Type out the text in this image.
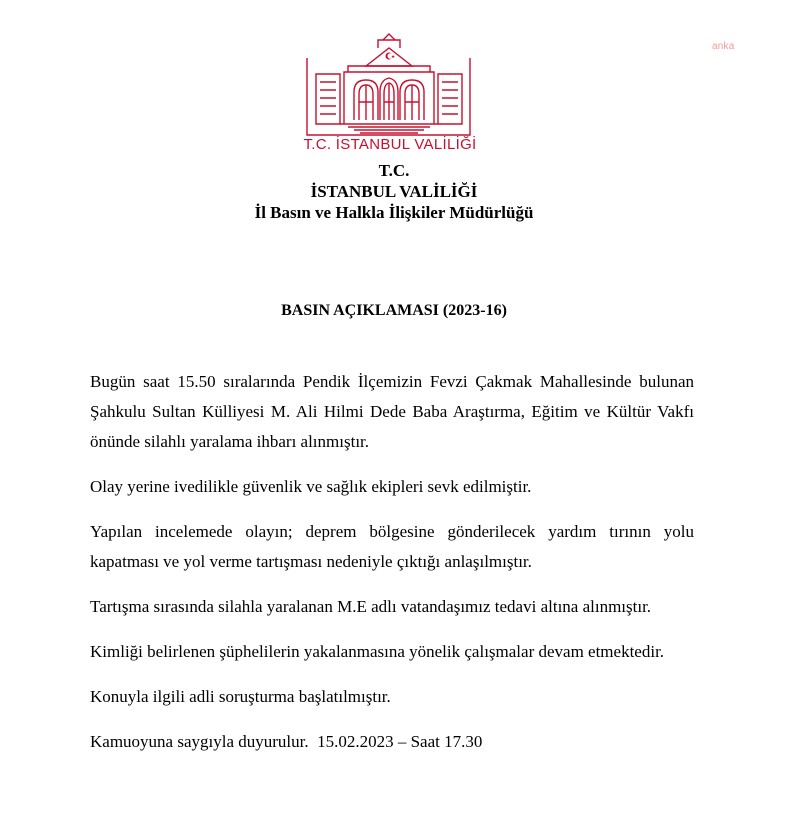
anka
T.C. İSTANBUL VALİLİĞİ
T.C.
İSTANBUL VALİLİĞİ
İl Basın ve Halkla İlişkiler Müdürlüğü
BASIN AÇIKLAMASI (2023-16)

Bugün saat 15.50 sıralarında Pendik İlçemizin Fevzi Çakmak Mahallesinde bulunan Şahkulu Sultan Külliyesi M. Ali Hilmi Dede Baba Araştırma, Eğitim ve Kültür Vakfı önünde silahlı yaralama ihbarı alınmıştır.

Olay yerine ivedilikle güvenlik ve sağlık ekipleri sevk edilmiştir.

Yapılan incelemede olayın; deprem bölgesine gönderilecek yardım tırının yolu kapatması ve yol verme tartışması nedeniyle çıktığı anlaşılmıştır.

Tartışma sırasında silahla yaralanan M.E adlı vatandaşımız tedavi altına alınmıştır.

Kimliği belirlenen şüphelilerin yakalanmasına yönelik çalışmalar devam etmektedir.

Konuyla ilgili adli soruşturma başlatılmıştır.

Kamuoyuna saygıyla duyurulur.  15.02.2023 – Saat 17.30
